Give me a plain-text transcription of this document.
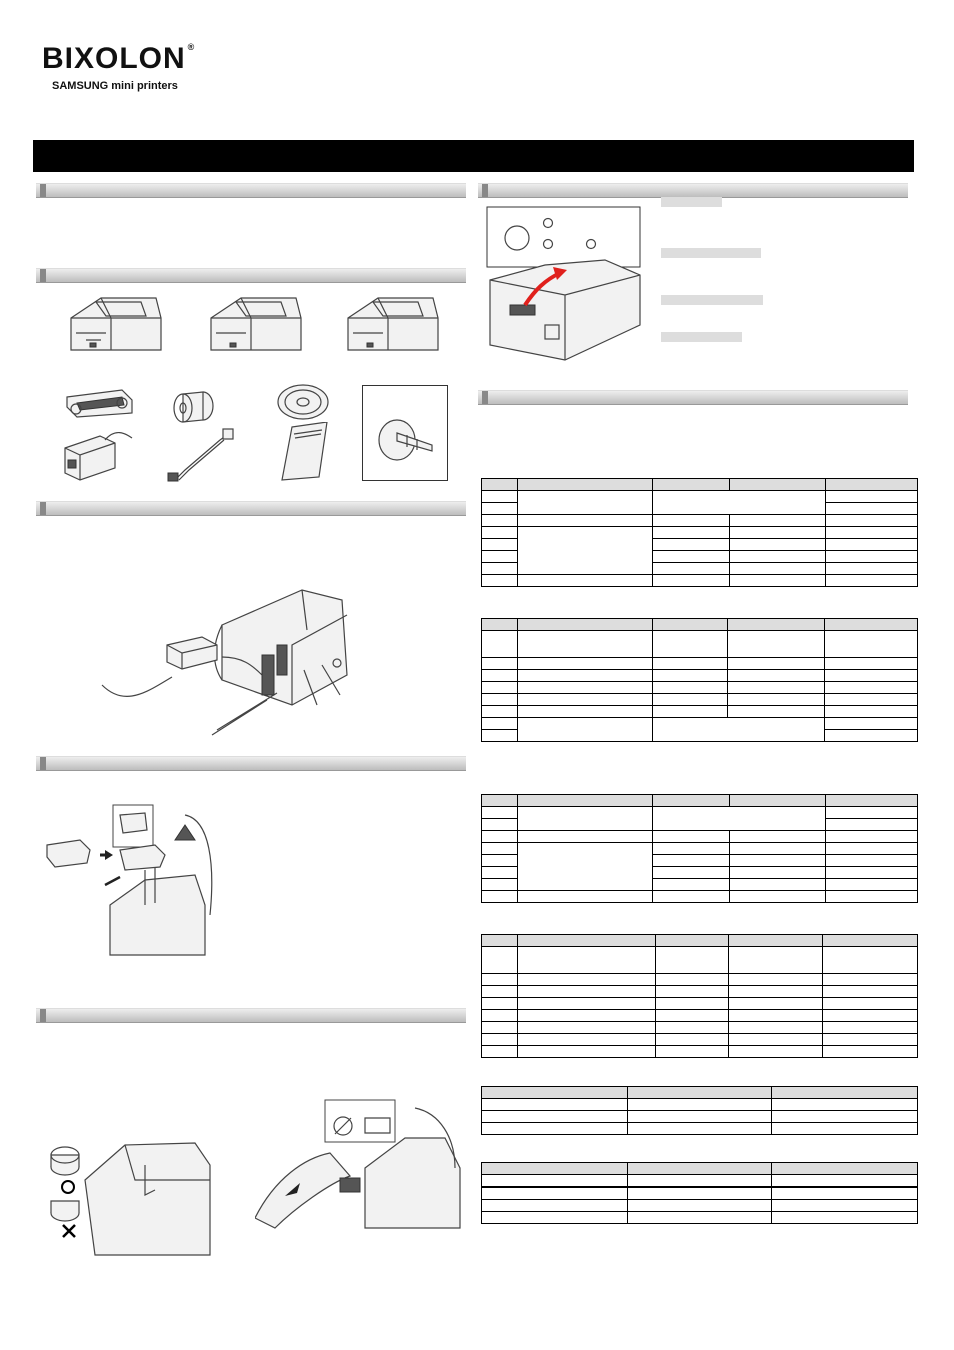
BIXOLON ®
SAMSUNG mini printers
